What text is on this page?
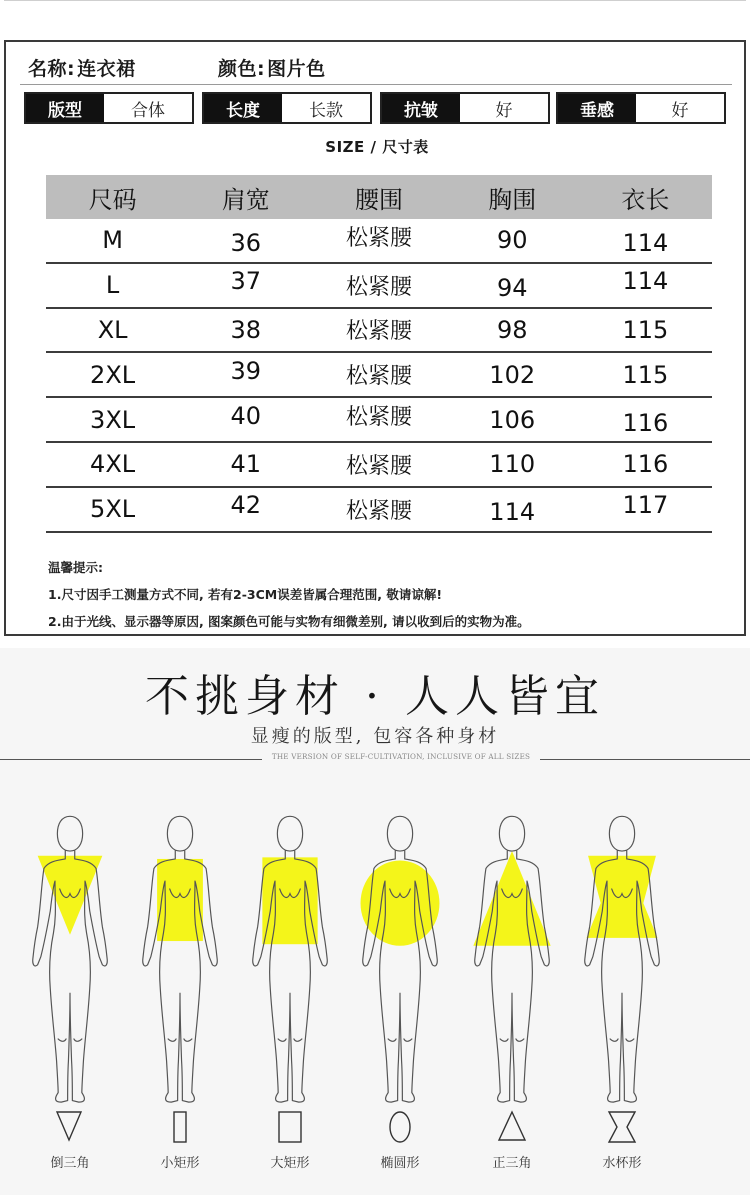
名称: 连衣裙	颜色: 图片色
版型	合体	长度	长款	抗皱	好	垂感	好
SIZE / 尺寸表
尺码	肩宽	腰围	胸围	衣长
M	36	松紧腰	90	114
L	37	松紧腰	94	114
XL	38	松紧腰	98	115
2XL	39	松紧腰	102	115
3XL	40	松紧腰	106	116
4XL	41	松紧腰	110	116
5XL	42	松紧腰	114	117
温馨提示:
1.尺寸因手工测量方式不同, 若有2-3CM误差皆属合理范围, 敬请谅解!
2.由于光线、显示器等原因, 图案颜色可能与实物有细微差别, 请以收到后的实物为准。
不挑身材 · 人人皆宜
显瘦的版型, 包容各种身材
THE VERSION OF SELF-CULTIVATION, INCLUSIVE OF ALL SIZES
倒三角	小矩形	大矩形	椭圆形	正三角	水杯形
